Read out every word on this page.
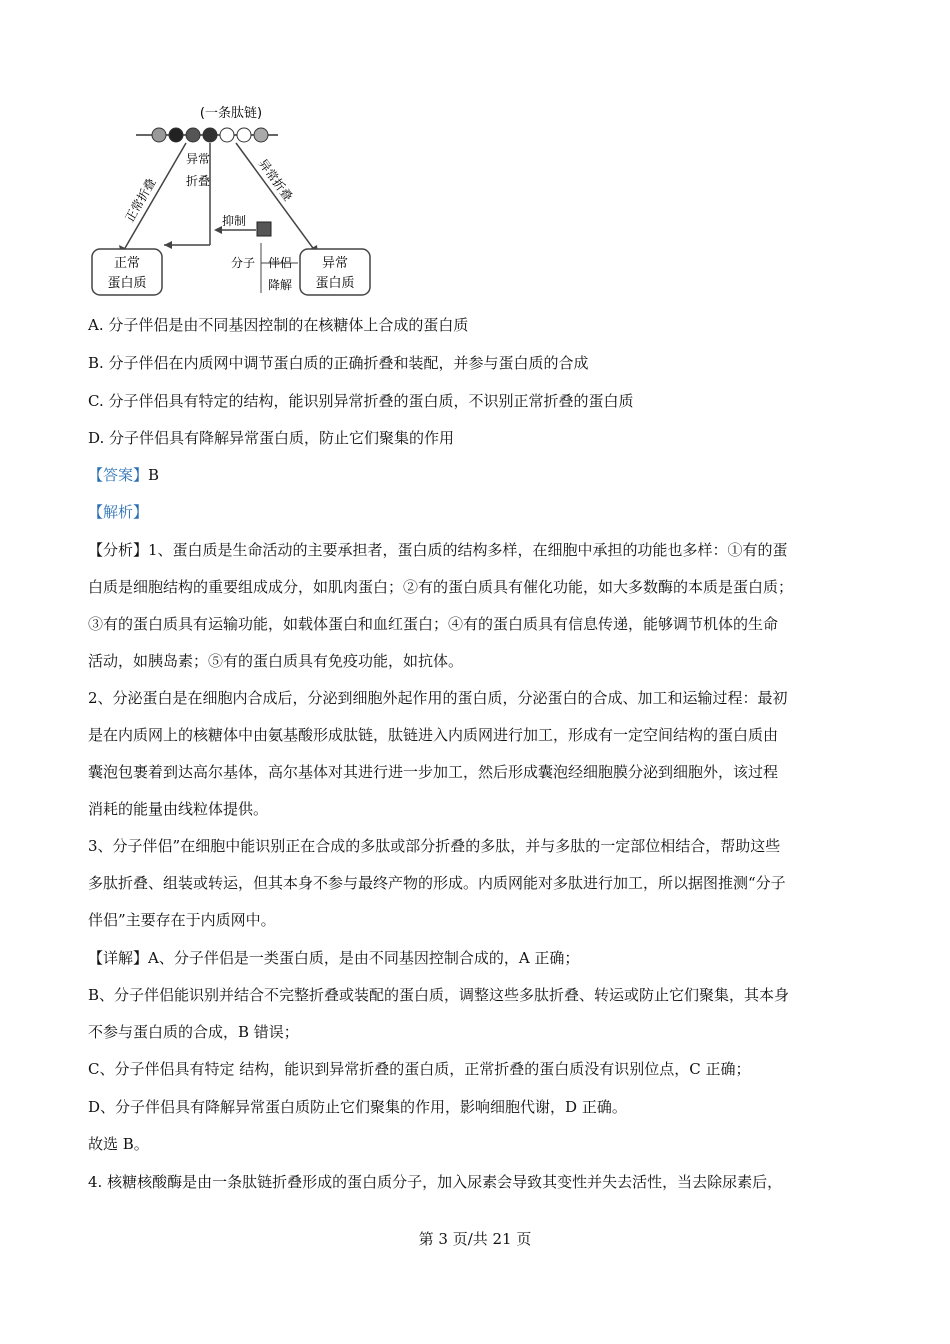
(一条肽链)
正常折叠
异常
折叠	异常折叠
抑制
正常
蛋白质
异常
蛋白质
分子 伴侣
降解
A. 分子伴侣是由不同基因控制的在核糖体上合成的蛋白质
B. 分子伴侣在内质网中调节蛋白质的正确折叠和装配，并参与蛋白质的合成
C. 分子伴侣具有特定的结构，能识别异常折叠的蛋白质，不识别正常折叠的蛋白质
D. 分子伴侣具有降解异常蛋白质，防止它们聚集的作用
【答案】B
【解析】
【分析】1、蛋白质是生命活动的主要承担者，蛋白质的结构多样，在细胞中承担的功能也多样：①有的蛋
白质是细胞结构的重要组成成分，如肌肉蛋白；②有的蛋白质具有催化功能，如大多数酶的本质是蛋白质；
③有的蛋白质具有运输功能，如载体蛋白和血红蛋白；④有的蛋白质具有信息传递，能够调节机体的生命
活动，如胰岛素；⑤有的蛋白质具有免疫功能，如抗体。
2、分泌蛋白是在细胞内合成后，分泌到细胞外起作用的蛋白质，分泌蛋白的合成、加工和运输过程：最初
是在内质网上的核糖体中由氨基酸形成肽链，肽链进入内质网进行加工，形成有一定空间结构的蛋白质由
囊泡包裹着到达高尔基体，高尔基体对其进行进一步加工，然后形成囊泡经细胞膜分泌到细胞外，该过程
消耗的能量由线粒体提供。
3、分子伴侣”在细胞中能识别正在合成的多肽或部分折叠的多肽，并与多肽的一定部位相结合，帮助这些
多肽折叠、组装或转运，但其本身不参与最终产物的形成。内质网能对多肽进行加工，所以据图推测“分子
伴侣”主要存在于内质网中。
【详解】A、分子伴侣是一类蛋白质，是由不同基因控制合成的，A 正确；
B、分子伴侣能识别并结合不完整折叠或装配的蛋白质，调整这些多肽折叠、转运或防止它们聚集，其本身
不参与蛋白质的合成，B 错误；
C、分子伴侣具有特定 结构，能识到异常折叠的蛋白质，正常折叠的蛋白质没有识别位点，C 正确；
D、分子伴侣具有降解异常蛋白质防止它们聚集的作用，影响细胞代谢，D 正确。
故选 B。
4. 核糖核酸酶是由一条肽链折叠形成的蛋白质分子，加入尿素会导致其变性并失去活性，当去除尿素后，
第 3 页/共 21 页
